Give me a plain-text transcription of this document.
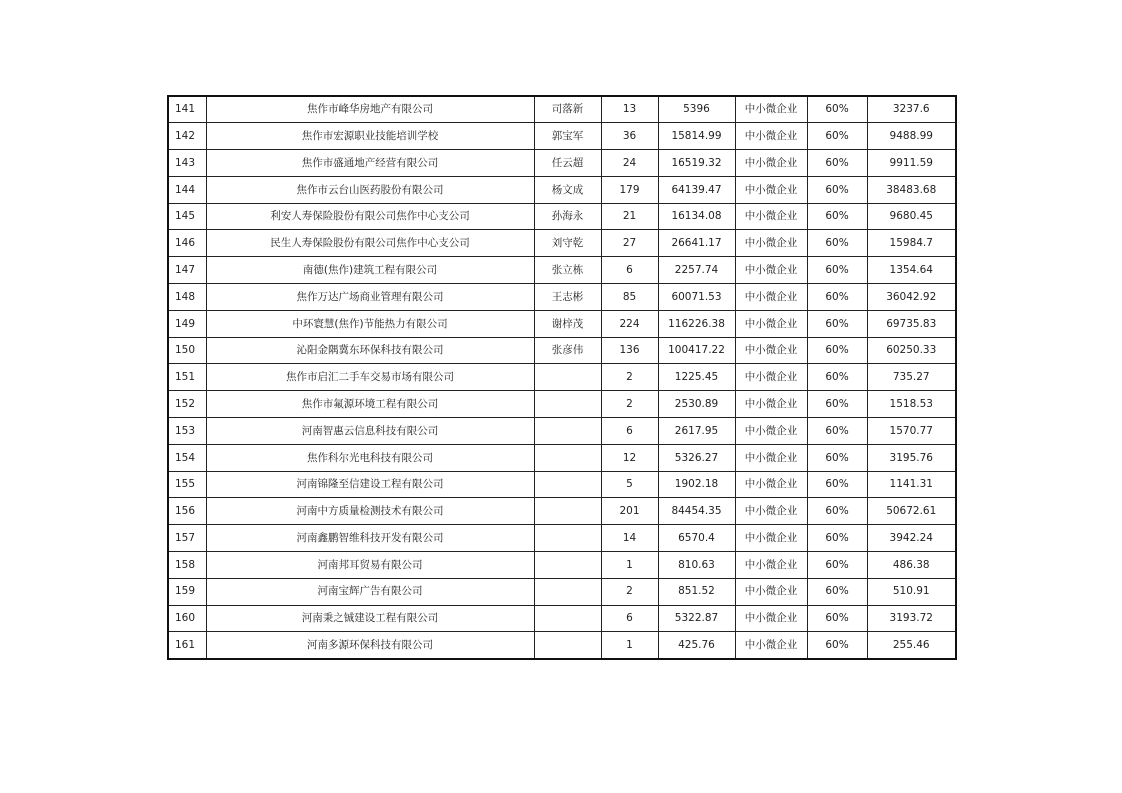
141	焦作市峰华房地产有限公司	司落新	13	5396	中小微企业	60%	3237.6
142	焦作市宏源职业技能培训学校	郭宝军	36	15814.99	中小微企业	60%	9488.99
143	焦作市盛通地产经营有限公司	任云超	24	16519.32	中小微企业	60%	9911.59
144	焦作市云台山医药股份有限公司	杨文成	179	64139.47	中小微企业	60%	38483.68
145	利安人寿保险股份有限公司焦作中心支公司	孙海永	21	16134.08	中小微企业	60%	9680.45
146	民生人寿保险股份有限公司焦作中心支公司	刘守乾	27	26641.17	中小微企业	60%	15984.7
147	南德(焦作)建筑工程有限公司	张立栋	6	2257.74	中小微企业	60%	1354.64
148	焦作万达广场商业管理有限公司	王志彬	85	60071.53	中小微企业	60%	36042.92
149	中环寰慧(焦作)节能热力有限公司	谢梓茂	224	116226.38	中小微企业	60%	69735.83
150	沁阳金隅冀东环保科技有限公司	张彦伟	136	100417.22	中小微企业	60%	60250.33
151	焦作市启汇二手车交易市场有限公司		2	1225.45	中小微企业	60%	735.27
152	焦作市氟源环境工程有限公司		2	2530.89	中小微企业	60%	1518.53
153	河南智惠云信息科技有限公司		6	2617.95	中小微企业	60%	1570.77
154	焦作科尔光电科技有限公司		12	5326.27	中小微企业	60%	3195.76
155	河南锦隆至信建设工程有限公司		5	1902.18	中小微企业	60%	1141.31
156	河南中方质量检测技术有限公司		201	84454.35	中小微企业	60%	50672.61
157	河南鑫鹏智维科技开发有限公司		14	6570.4	中小微企业	60%	3942.24
158	河南邦耳贸易有限公司		1	810.63	中小微企业	60%	486.38
159	河南宝辉广告有限公司		2	851.52	中小微企业	60%	510.91
160	河南秉之铖建设工程有限公司		6	5322.87	中小微企业	60%	3193.72
161	河南多源环保科技有限公司		1	425.76	中小微企业	60%	255.46
